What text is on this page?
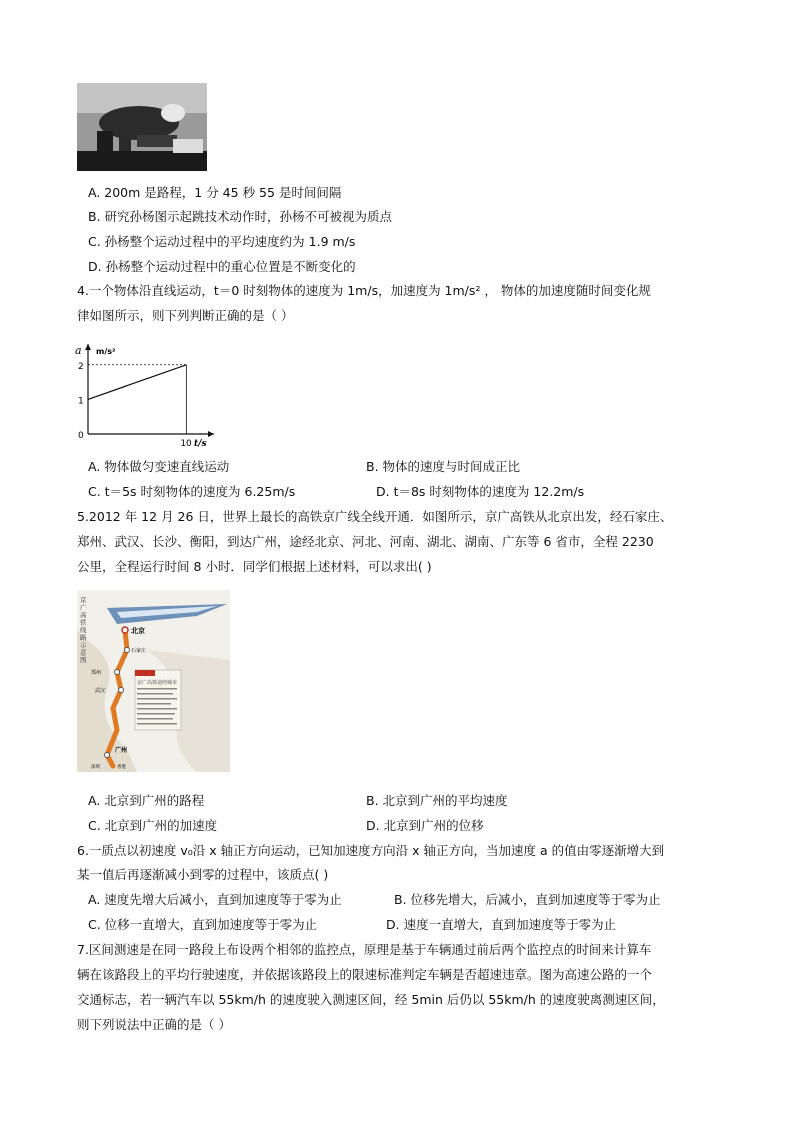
A. 200m 是路程，1 分 45 秒 55 是时间间隔
B. 研究孙杨图示起跳技术动作时，孙杨不可被视为质点
C. 孙杨整个运动过程中的平均速度约为 1.9 m/s
D. 孙杨整个运动过程中的重心位置是不断变化的
4.一个物体沿直线运动，t＝0 时刻物体的速度为 1m/s，加速度为 1m/s² ， 物体的加速度随时间变化规
律如图所示，则下列判断正确的是（ ）
a m/s²
t/s
2
1
0
10
A. 物体做匀变速直线运动	B. 物体的速度与时间成正比
C. t＝5s 时刻物体的速度为 6.25m/s	D. t＝8s 时刻物体的速度为 12.2m/s
5.2012 年 12 月 26 日，世界上最长的高铁京广线全线开通．如图所示，京广高铁从北京出发，经石家庄、
郑州、武汉、长沙、衡阳，到达广州，途经北京、河北、河南、湖北、湖南、广东等 6 省市，全程 2230
公里，全程运行时间 8 小时．同学们根据上述材料，可以求出( )
京广高铁途经城市
京广高铁线路示意图
北京
石家庄
郑州
武汉
广州
深圳	香港
A. 北京到广州的路程	B. 北京到广州的平均速度
C. 北京到广州的加速度	D. 北京到广州的位移
6.一质点以初速度 v₀沿 x 轴正方向运动，已知加速度方向沿 x 轴正方向，当加速度 a 的值由零逐渐增大到
某一值后再逐渐减小到零的过程中，该质点( )
A. 速度先增大后减小，直到加速度等于零为止	B. 位移先增大，后减小，直到加速度等于零为止
C. 位移一直增大，直到加速度等于零为止	D. 速度一直增大，直到加速度等于零为止
7.区间测速是在同一路段上布设两个相邻的监控点，原理是基于车辆通过前后两个监控点的时间来计算车
辆在该路段上的平均行驶速度，并依据该路段上的限速标准判定车辆是否超速违章。图为高速公路的一个
交通标志，若一辆汽车以 55km/h 的速度驶入测速区间，经 5min 后仍以 55km/h 的速度驶离测速区间，
则下列说法中正确的是（ ）
